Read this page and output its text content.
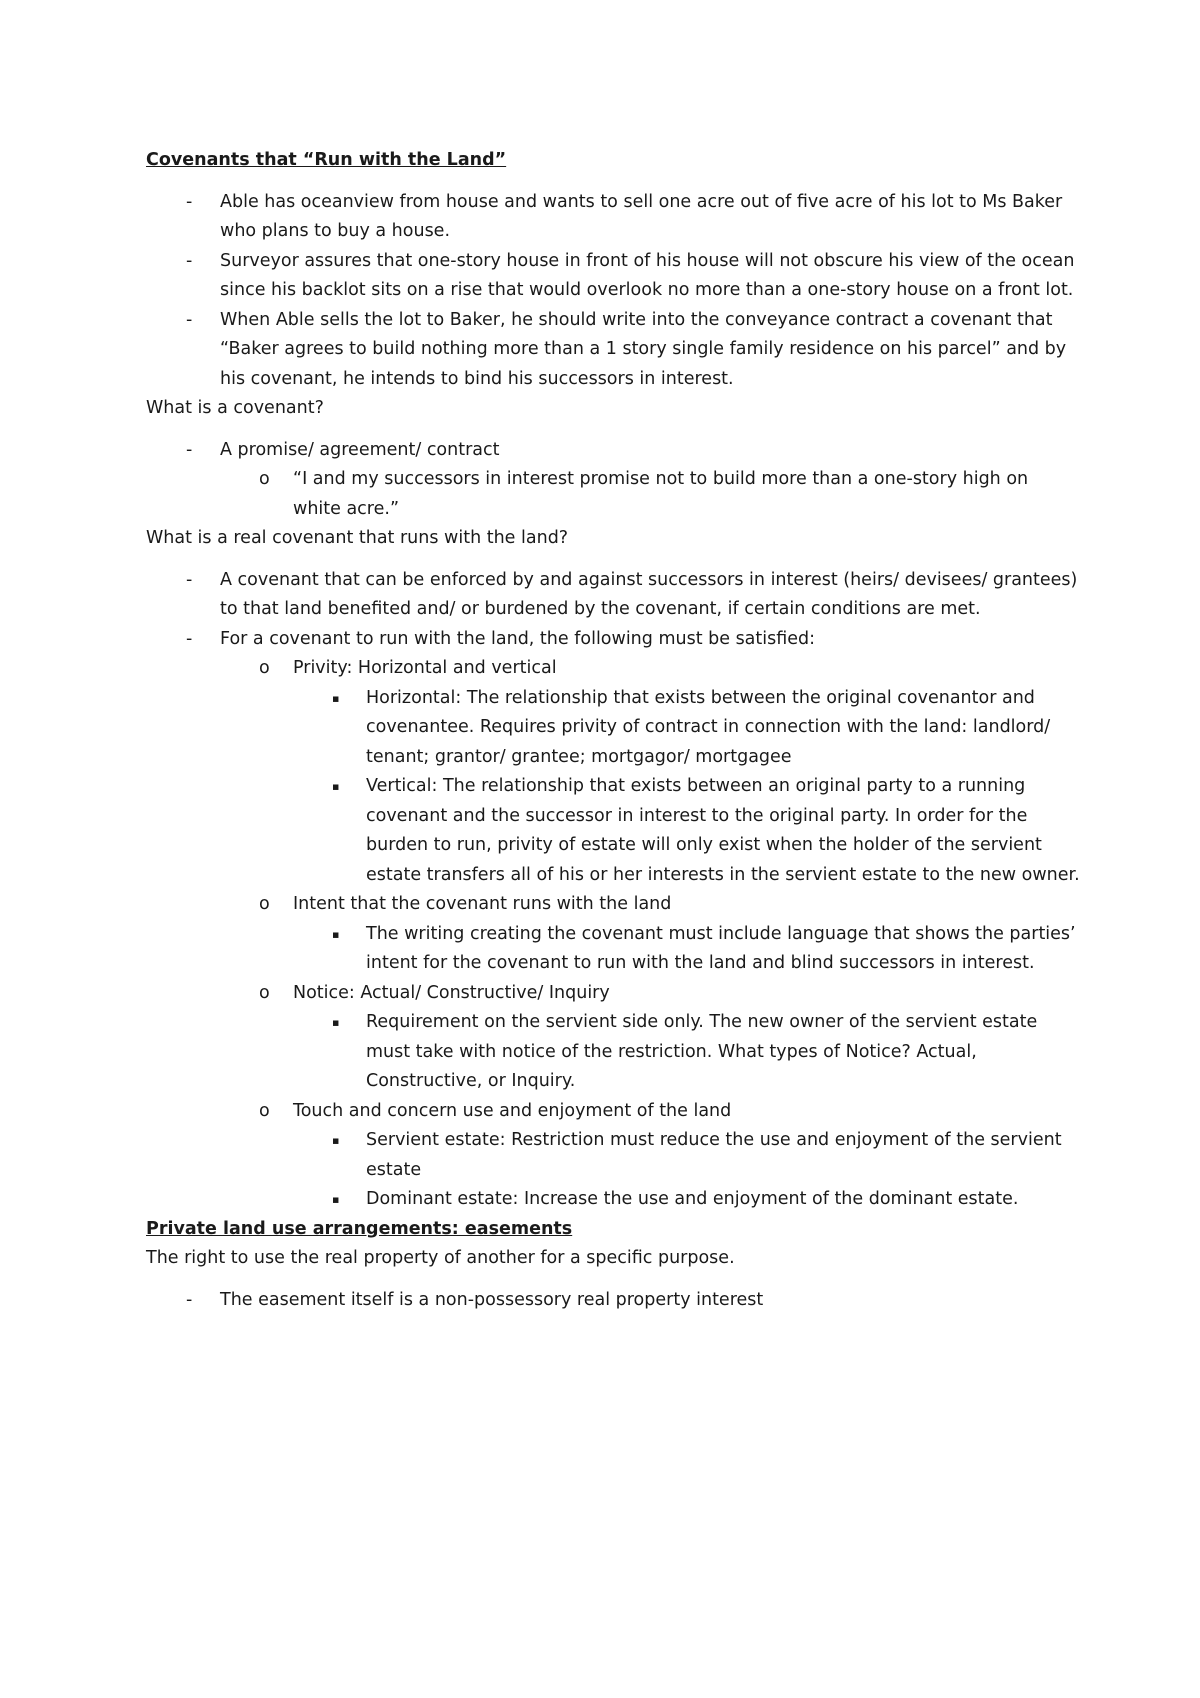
Covenants that “Run with the Land”

- Able has oceanview from house and wants to sell one acre out of five acre of his lot to Ms Baker who plans to buy a house.

- Surveyor assures that one-story house in front of his house will not obscure his view of the ocean since his backlot sits on a rise that would overlook no more than a one-story house on a front lot.

- When Able sells the lot to Baker, he should write into the conveyance contract a covenant that “Baker agrees to build nothing more than a 1 story single family residence on his parcel” and by his covenant, he intends to bind his successors in interest.

What is a covenant?

- A promise/ agreement/ contract

o “I and my successors in interest promise not to build more than a one-story high on white acre.”

What is a real covenant that runs with the land?

- A covenant that can be enforced by and against successors in interest (heirs/ devisees/ grantees) to that land benefited and/ or burdened by the covenant, if certain conditions are met.

- For a covenant to run with the land, the following must be satisfied:

o Privity: Horizontal and vertical

▪ Horizontal: The relationship that exists between the original covenantor and covenantee. Requires privity of contract in connection with the land: landlord/ tenant; grantor/ grantee; mortgagor/ mortgagee

▪ Vertical: The relationship that exists between an original party to a running covenant and the successor in interest to the original party. In order for the burden to run, privity of estate will only exist when the holder of the servient estate transfers all of his or her interests in the servient estate to the new owner.

o Intent that the covenant runs with the land

▪ The writing creating the covenant must include language that shows the parties’ intent for the covenant to run with the land and blind successors in interest.

o Notice: Actual/ Constructive/ Inquiry

▪ Requirement on the servient side only. The new owner of the servient estate must take with notice of the restriction. What types of Notice? Actual, Constructive, or Inquiry.

o Touch and concern use and enjoyment of the land

▪ Servient estate: Restriction must reduce the use and enjoyment of the servient estate

▪ Dominant estate: Increase the use and enjoyment of the dominant estate.

Private land use arrangements: easements

The right to use the real property of another for a specific purpose.

- The easement itself is a non-possessory real property interest
